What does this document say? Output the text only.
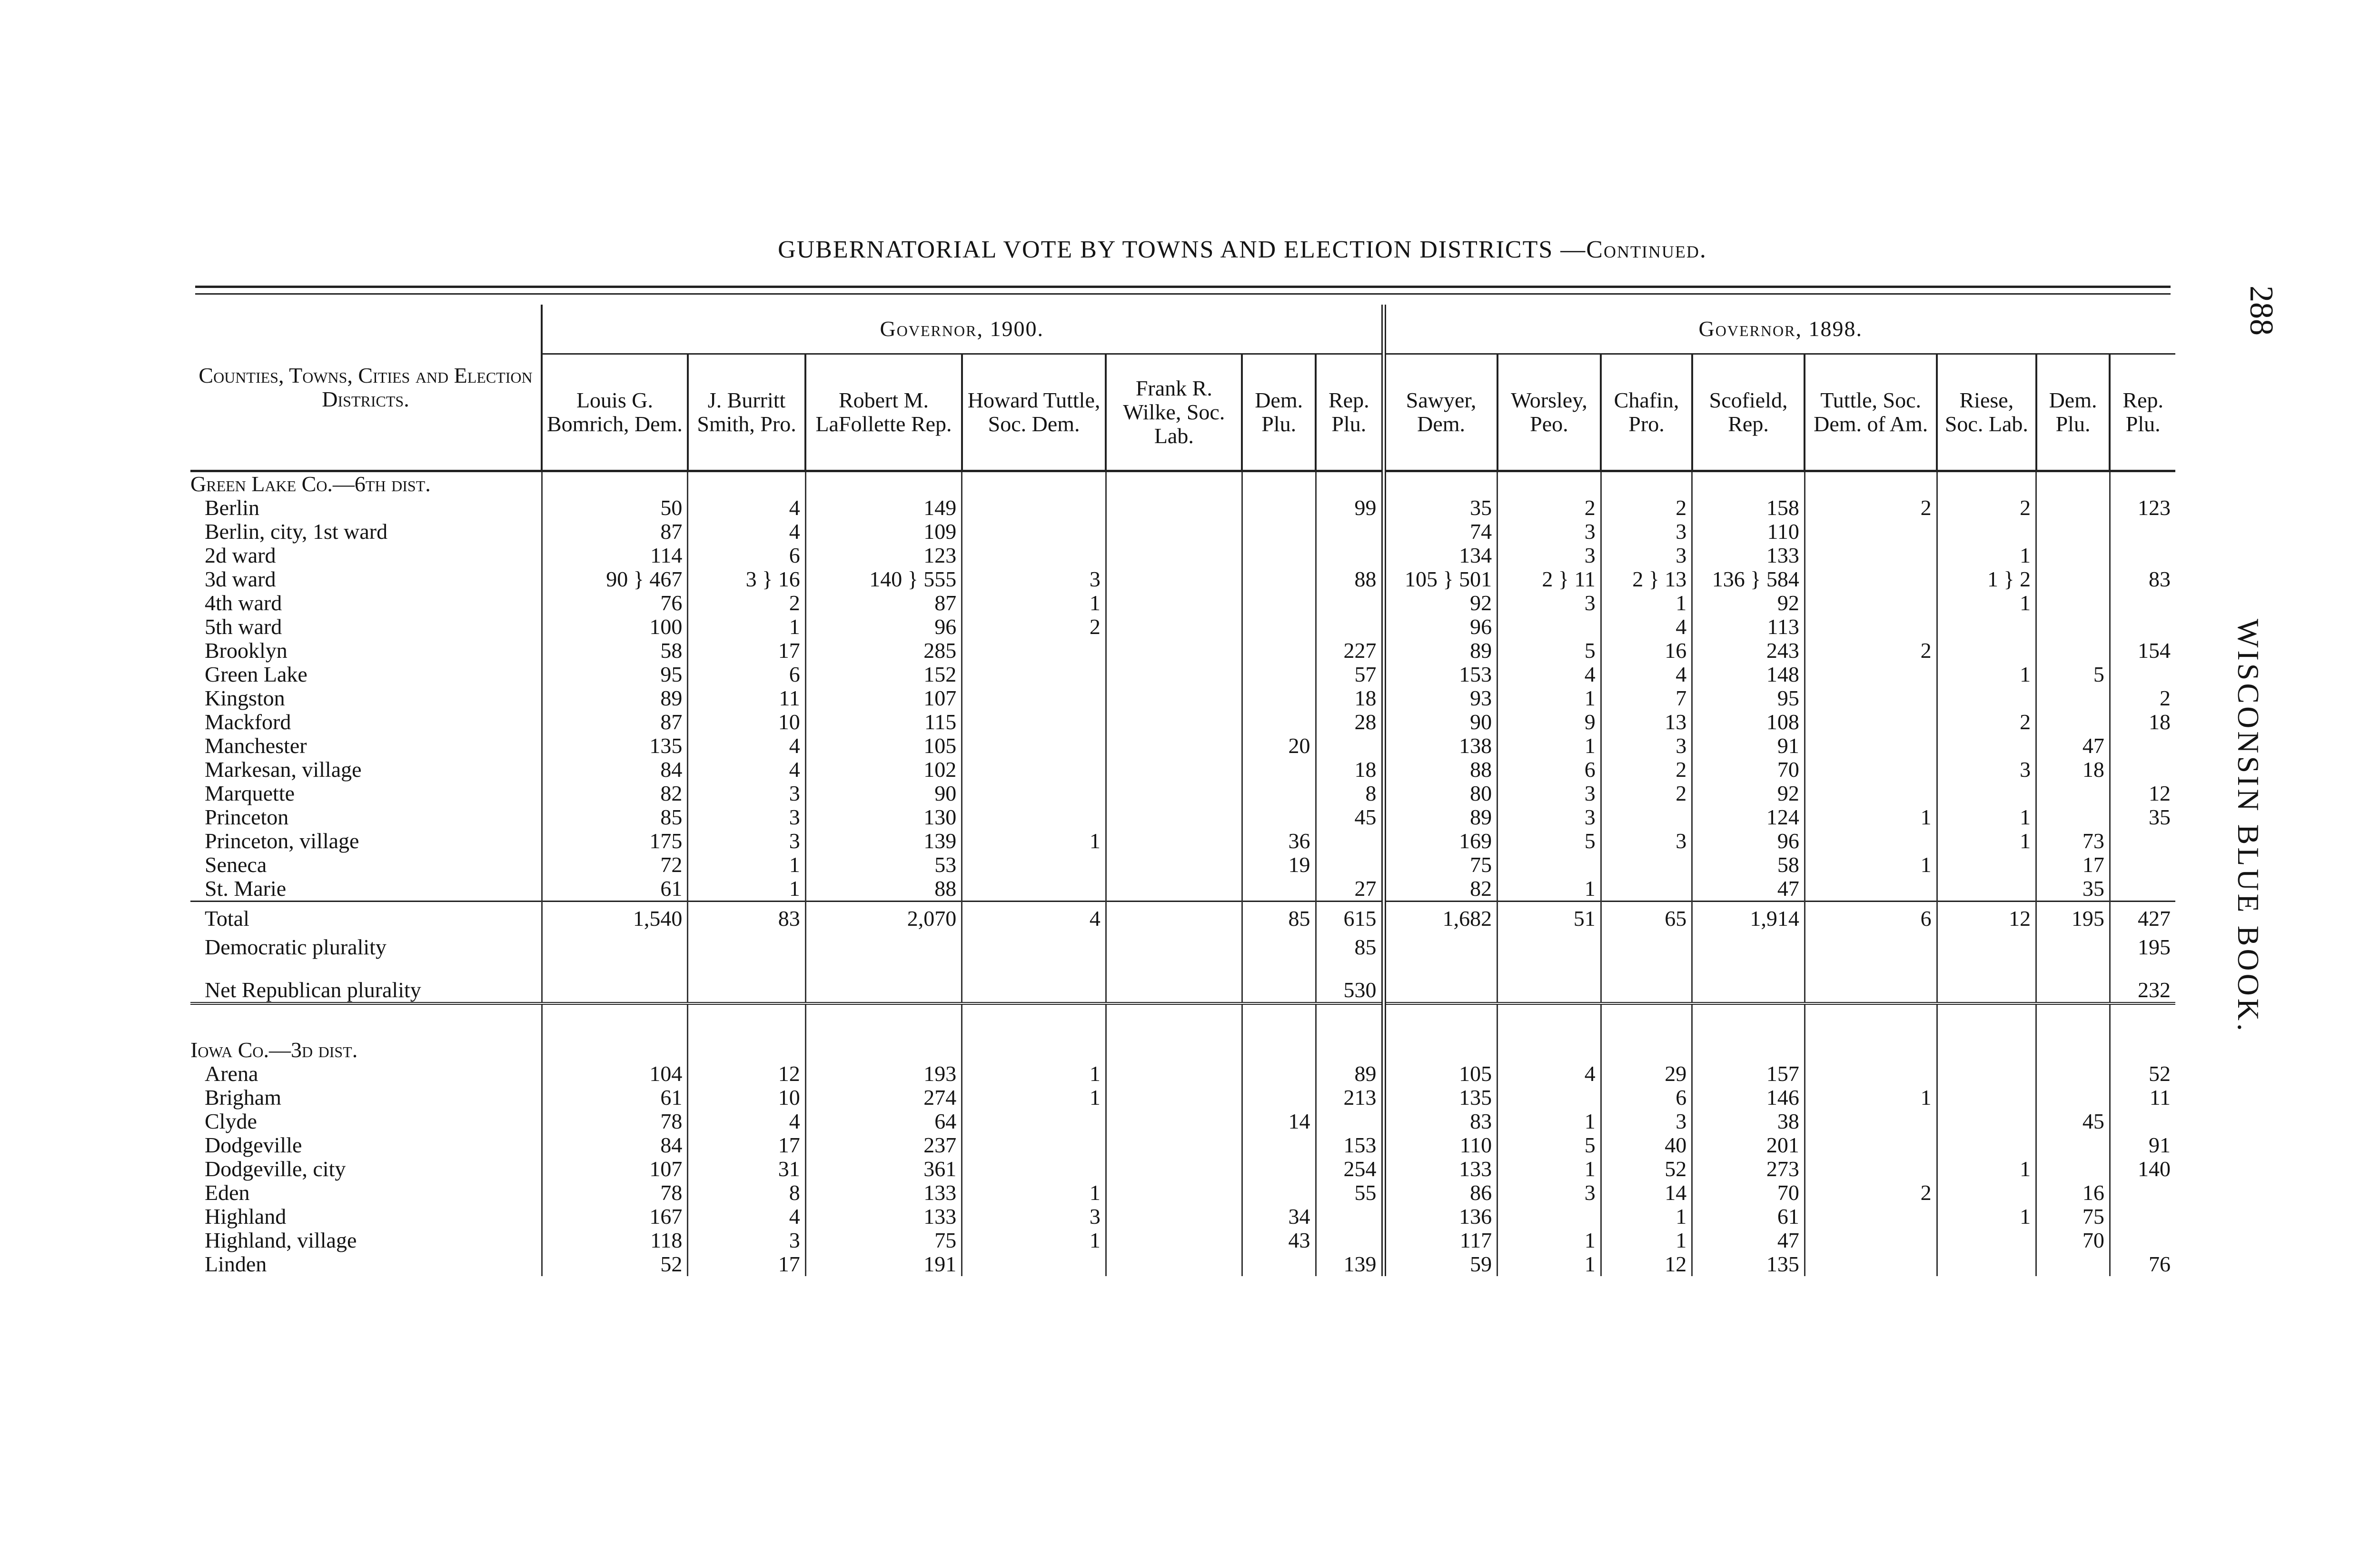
GUBERNATORIAL VOTE BY TOWNS AND ELECTION DISTRICTS —Continued.
288
WISCONSIN BLUE BOOK.
Counties, Towns, Cities and Election Districts.	Governor, 1900.							Governor, 1898.							
	Louis G. Bomrich, Dem.	J. Burritt Smith, Pro.	Robert M. LaFollette Rep.	Howard Tuttle, Soc. Dem.	Frank R. Wilke, Soc. Lab.	Dem. Plu.	Rep. Plu.	Sawyer, Dem.	Worsley, Peo.	Chafin, Pro.	Scofield, Rep.	Tuttle, Soc. Dem. of Am.	Riese, Soc. Lab.	Dem. Plu.	Rep. Plu.
Green Lake Co.—6th dist.															
Berlin	50	4	149				99	35	2	2	158	2	2		123
Berlin, city, 1st ward	87	4	109					74	3	3	110				
2d ward	114	6	123					134	3	3	133		1		
3d ward	90 } 467	3 } 16	140 } 555	3			88	105 } 501	2 } 11	2 } 13	136 } 584		1 } 2		83
4th ward	76	2	87	1				92	3	1	92		1		
5th ward	100	1	96	2				96		4	113				
Brooklyn	58	17	285				227	89	5	16	243	2			154
Green Lake	95	6	152				57	153	4	4	148		1	5	
Kingston	89	11	107				18	93	1	7	95				2
Mackford	87	10	115				28	90	9	13	108		2		18
Manchester	135	4	105			20		138	1	3	91			47	
Markesan, village	84	4	102				18	88	6	2	70		3	18	
Marquette	82	3	90				8	80	3	2	92				12
Princeton	85	3	130				45	89	3		124	1	1		35
Princeton, village	175	3	139	1		36		169	5	3	96		1	73	
Seneca	72	1	53			19		75			58	1		17	
St. Marie	61	1	88				27	82	1		47			35	
Total	1,540	83	2,070	4		85	615	1,682	51	65	1,914	6	12	195	427
Democratic plurality							85								195

Net Republican plurality							530								232

Iowa Co.—3d dist.															
Arena	104	12	193	1			89	105	4	29	157				52
Brigham	61	10	274	1			213	135		6	146	1			11
Clyde	78	4	64			14		83	1	3	38			45	
Dodgeville	84	17	237				153	110	5	40	201				91
Dodgeville, city	107	31	361				254	133	1	52	273		1		140
Eden	78	8	133	1			55	86	3	14	70	2		16	
Highland	167	4	133	3		34		136		1	61		1	75	
Highland, village	118	3	75	1		43		117	1	1	47			70	
Linden	52	17	191				139	59	1	12	135				76
